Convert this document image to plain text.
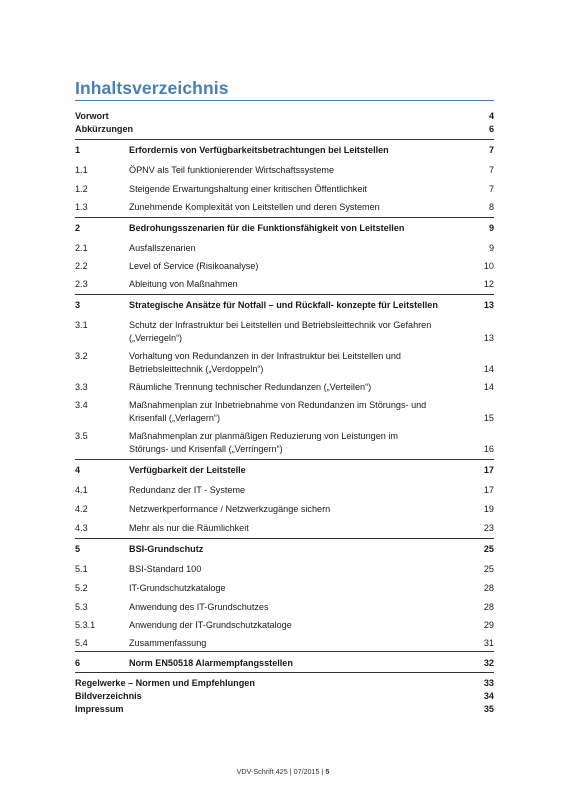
Inhaltsverzeichnis
Vorwort	4
Abkürzungen	6
1	Erfordernis von Verfügbarkeitsbetrachtungen bei Leitstellen	7
1.1	ÖPNV als Teil funktionierender Wirtschaftssysteme	7
1.2	Steigende Erwartungshaltung einer kritischen Öffentlichkeit	7
1.3	Zunehmende Komplexität von Leitstellen und deren Systemen	8
2	Bedrohungsszenarien für die Funktionsfähigkeit von Leitstellen	9
2.1	Ausfallszenarien	9
2.2	Level of Service (Risikoanalyse)	10
2.3	Ableitung von Maßnahmen	12
3	Strategische Ansätze für Notfall – und Rückfall- konzepte für Leitstellen	13
3.1	Schutz der Infrastruktur bei Leitstellen und Betriebsleittechnik vor Gefahren
(„Verriegeln“)	13
3.2	Vorhaltung von Redundanzen in der Infrastruktur bei Leitstellen und
Betriebsleittechnik („Verdoppeln“)	14
3.3	Räumliche Trennung technischer Redundanzen („Verteilen“)	14
3.4	Maßnahmenplan zur Inbetriebnahme von Redundanzen im Störungs- und
Krisenfall („Verlagern“)	15
3.5	Maßnahmenplan zur planmäßigen Reduzierung von Leistungen im
Störungs- und Krisenfall („Verringern“)	16
4	Verfügbarkeit der Leitstelle	17
4.1	Redundanz der IT - Systeme	17
4.2	Netzwerkperformance / Netzwerkzugänge sichern	19
4.3	Mehr als nur die Räumlichkeit	23
5	BSI-Grundschutz	25
5.1	BSI-Standard 100	25
5.2	IT-Grundschutzkataloge	28
5.3	Anwendung des IT-Grundschutzes	28
5.3.1	Anwendung der IT-Grundschutzkataloge	29
5.4	Zusammenfassung	31
6	Norm EN50518 Alarmempfangsstellen	32
Regelwerke – Normen und Empfehlungen	33
Bildverzeichnis	34
Impressum	35
VDV-Schrift 425 | 07/2015 | 5
